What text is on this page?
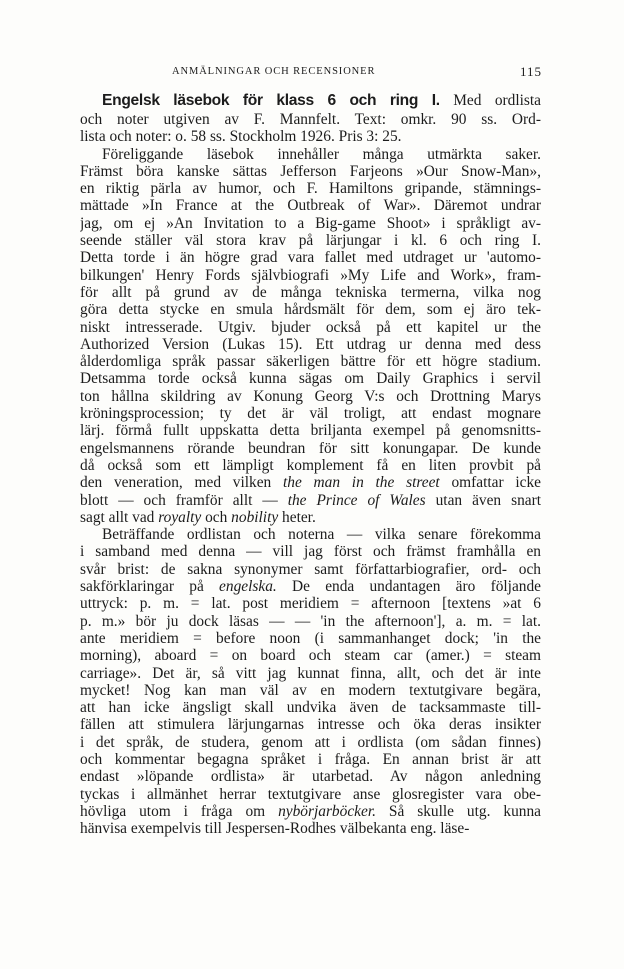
ANMÄLNINGAR OCH RECENSIONER	115
Engelsk läsebok för klass 6 och ring I. Med ordlista
och noter utgiven av F. Mannfelt. Text: omkr. 90 ss. Ord-
lista och noter: o. 58 ss. Stockholm 1926. Pris 3: 25.
Föreliggande läsebok innehåller många utmärkta saker.
Främst böra kanske sättas Jefferson Farjeons »Our Snow-Man»,
en riktig pärla av humor, och F. Hamiltons gripande, stämnings-
mättade »In France at the Outbreak of War». Däremot undrar
jag, om ej »An Invitation to a Big-game Shoot» i språkligt av-
seende ställer väl stora krav på lärjungar i kl. 6 och ring I.
Detta torde i än högre grad vara fallet med utdraget ur 'automo-
bilkungen' Henry Fords självbiografi »My Life and Work», fram-
för allt på grund av de många tekniska termerna, vilka nog
göra detta stycke en smula hårdsmält för dem, som ej äro tek-
niskt intresserade. Utgiv. bjuder också på ett kapitel ur the
Authorized Version (Lukas 15). Ett utdrag ur denna med dess
ålderdomliga språk passar säkerligen bättre för ett högre stadium.
Detsamma torde också kunna sägas om Daily Graphics i servil
ton hållna skildring av Konung Georg V:s och Drottning Marys
kröningsprocession; ty det är väl troligt, att endast mognare
lärj. förmå fullt uppskatta detta briljanta exempel på genomsnitts-
engelsmannens rörande beundran för sitt konungapar. De kunde
då också som ett lämpligt komplement få en liten provbit på
den veneration, med vilken the man in the street omfattar icke
blott — och framför allt — the Prince of Wales utan även snart
sagt allt vad royalty och nobility heter.
Beträffande ordlistan och noterna — vilka senare förekomma
i samband med denna — vill jag först och främst framhålla en
svår brist: de sakna synonymer samt författarbiografier, ord- och
sakförklaringar på engelska. De enda undantagen äro följande
uttryck: p. m. = lat. post meridiem = afternoon [textens »at 6
p. m.» bör ju dock läsas — — 'in the afternoon'], a. m. = lat.
ante meridiem = before noon (i sammanhanget dock; 'in the
morning), aboard = on board och steam car (amer.) = steam
carriage». Det är, så vitt jag kunnat finna, allt, och det är inte
mycket! Nog kan man väl av en modern textutgivare begära,
att han icke ängsligt skall undvika även de tacksammaste till-
fällen att stimulera lärjungarnas intresse och öka deras insikter
i det språk, de studera, genom att i ordlista (om sådan finnes)
och kommentar begagna språket i fråga. En annan brist är att
endast »löpande ordlista» är utarbetad. Av någon anledning
tyckas i allmänhet herrar textutgivare anse glosregister vara obe-
hövliga utom i fråga om nybörjarböcker. Så skulle utg. kunna
hänvisa exempelvis till Jespersen-Rodhes välbekanta eng. läse-
